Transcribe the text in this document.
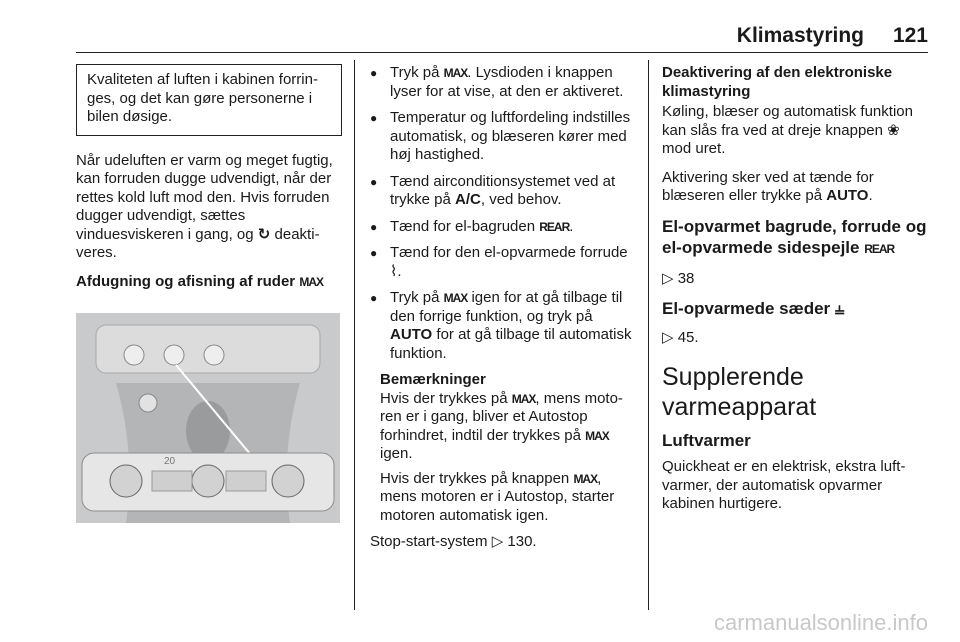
Klimastyring 121
Kvaliteten af luften i kabinen forringes, og det kan gøre personerne i bilen døsige.

Når udeluften er varm og meget fugtig, kan forruden dugge udvendigt, når der rettes kold luft mod den. Hvis forruden dugger udvendigt, sættes vinduesviskeren i gang, og ↻ deaktiveres.

Afdugning og afisning af ruder MAX

20
● Tryk på MAX. Lysdioden i knappen lyser for at vise, at den er aktiveret.
● Temperatur og luftfordeling indstilles automatisk, og blæseren kører med høj hastighed.
● Tænd airconditionsystemet ved at trykke på A/C, ved behov.
● Tænd for el-bagruden REAR.
● Tænd for den el-opvarmede forrude ⌇.
● Tryk på MAX igen for at gå tilbage til den forrige funktion, og tryk på AUTO for at gå tilbage til automatisk funktion.
Bemærkninger

Hvis der trykkes på MAX, mens motoren er i gang, bliver et Autostop forhindret, indtil der trykkes på MAX igen.

Hvis der trykkes på knappen MAX, mens motoren er i Autostop, starter motoren automatisk igen.

Stop-start-system ▷ 130.

Deaktivering af den elektroniske klimastyring

Køling, blæser og automatisk funktion kan slås fra ved at dreje knappen ❀ mod uret.

Aktivering sker ved at tænde for blæseren eller trykke på AUTO.

El-opvarmet bagrude, forrude og el-opvarmede sidespejle REAR

▷ 38

El-opvarmede sæder ⫨

▷ 45.

Supplerende varmeapparat
Luftvarmer

Quickheat er en elektrisk, ekstra luftvarmer, der automatisk opvarmer kabinen hurtigere.

carmanualsonline.info
